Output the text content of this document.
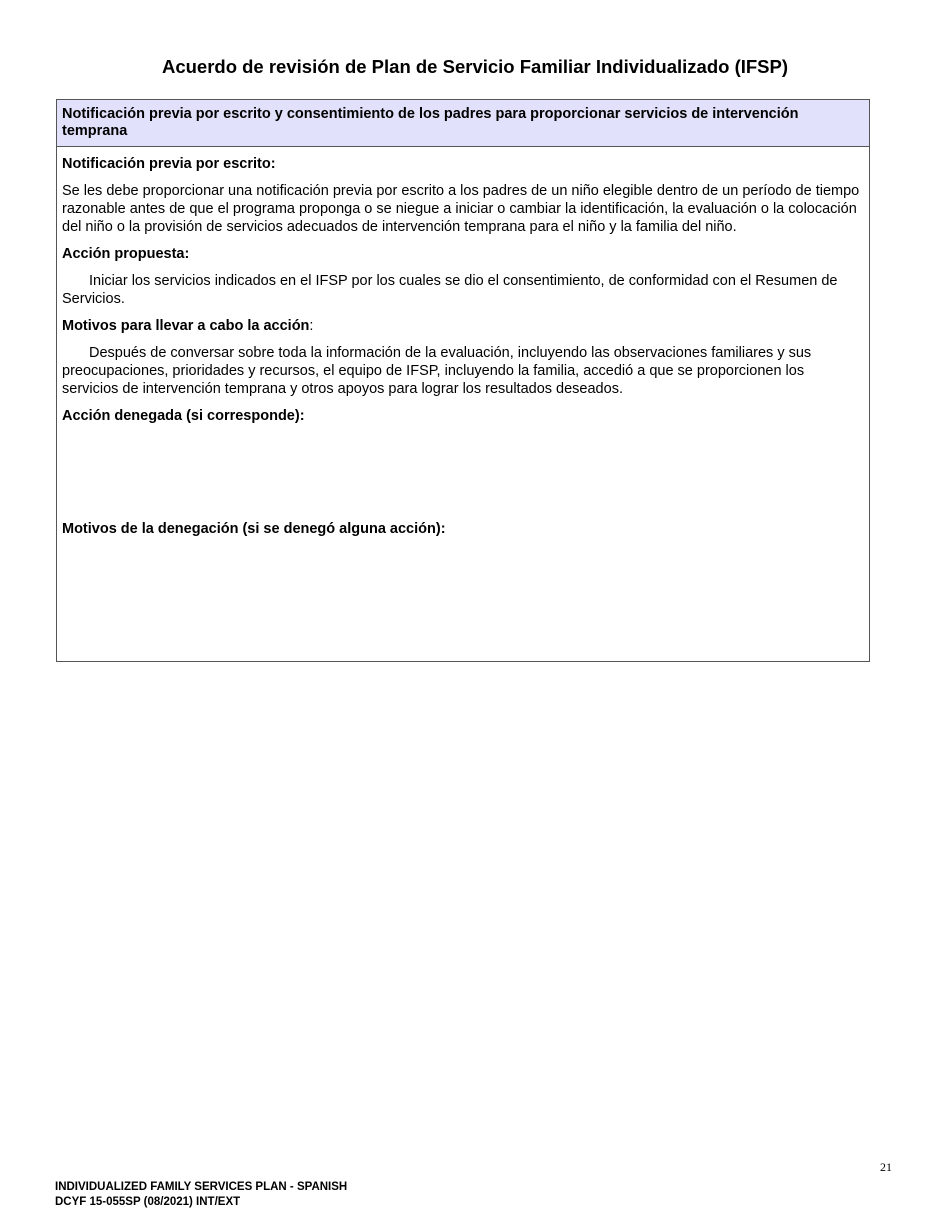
Acuerdo de revisión de Plan de Servicio Familiar Individualizado (IFSP)
Notificación previa por escrito y consentimiento de los padres para proporcionar servicios de intervención temprana

Notificación previa por escrito:

Se les debe proporcionar una notificación previa por escrito a los padres de un niño elegible dentro de un período de tiempo razonable antes de que el programa proponga o se niegue a iniciar o cambiar la identificación, la evaluación o la colocación del niño o la provisión de servicios adecuados de intervención temprana para el niño y la familia del niño.

Acción propuesta:

Iniciar los servicios indicados en el IFSP por los cuales se dio el consentimiento, de conformidad con el Resumen de Servicios.

Motivos para llevar a cabo la acción:

Después de conversar sobre toda la información de la evaluación, incluyendo las observaciones familiares y sus preocupaciones, prioridades y recursos, el equipo de IFSP, incluyendo la familia, accedió a que se proporcionen los servicios de intervención temprana y otros apoyos para lograr los resultados deseados.

Acción denegada (si corresponde):

Motivos de la denegación (si se denegó alguna acción):

21
INDIVIDUALIZED FAMILY SERVICES PLAN - SPANISH
DCYF 15-055SP (08/2021) INT/EXT
